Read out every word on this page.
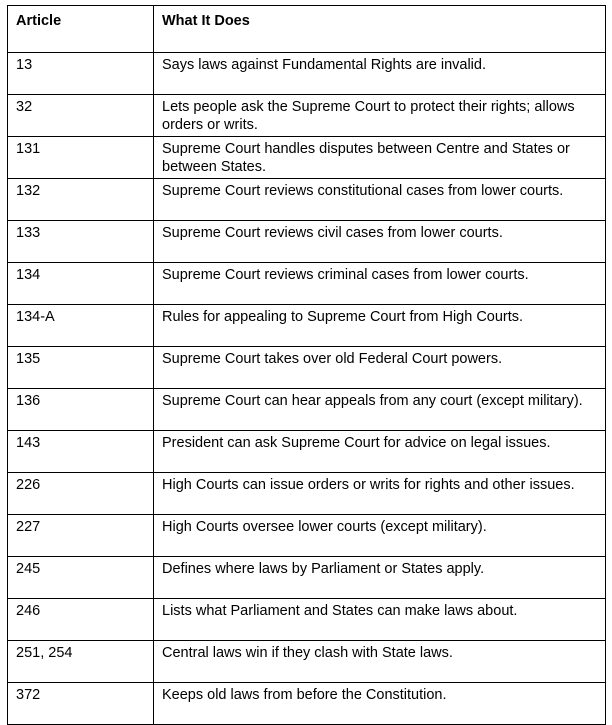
Article	What It Does
13	Says laws against Fundamental Rights are invalid.
32	Lets people ask the Supreme Court to protect their rights; allows orders or writs.
131	Supreme Court handles disputes between Centre and States or between States.
132	Supreme Court reviews constitutional cases from lower courts.
133	Supreme Court reviews civil cases from lower courts.
134	Supreme Court reviews criminal cases from lower courts.
134-A	Rules for appealing to Supreme Court from High Courts.
135	Supreme Court takes over old Federal Court powers.
136	Supreme Court can hear appeals from any court (except military).
143	President can ask Supreme Court for advice on legal issues.
226	High Courts can issue orders or writs for rights and other issues.
227	High Courts oversee lower courts (except military).
245	Defines where laws by Parliament or States apply.
246	Lists what Parliament and States can make laws about.
251, 254	Central laws win if they clash with State laws.
372	Keeps old laws from before the Constitution.
